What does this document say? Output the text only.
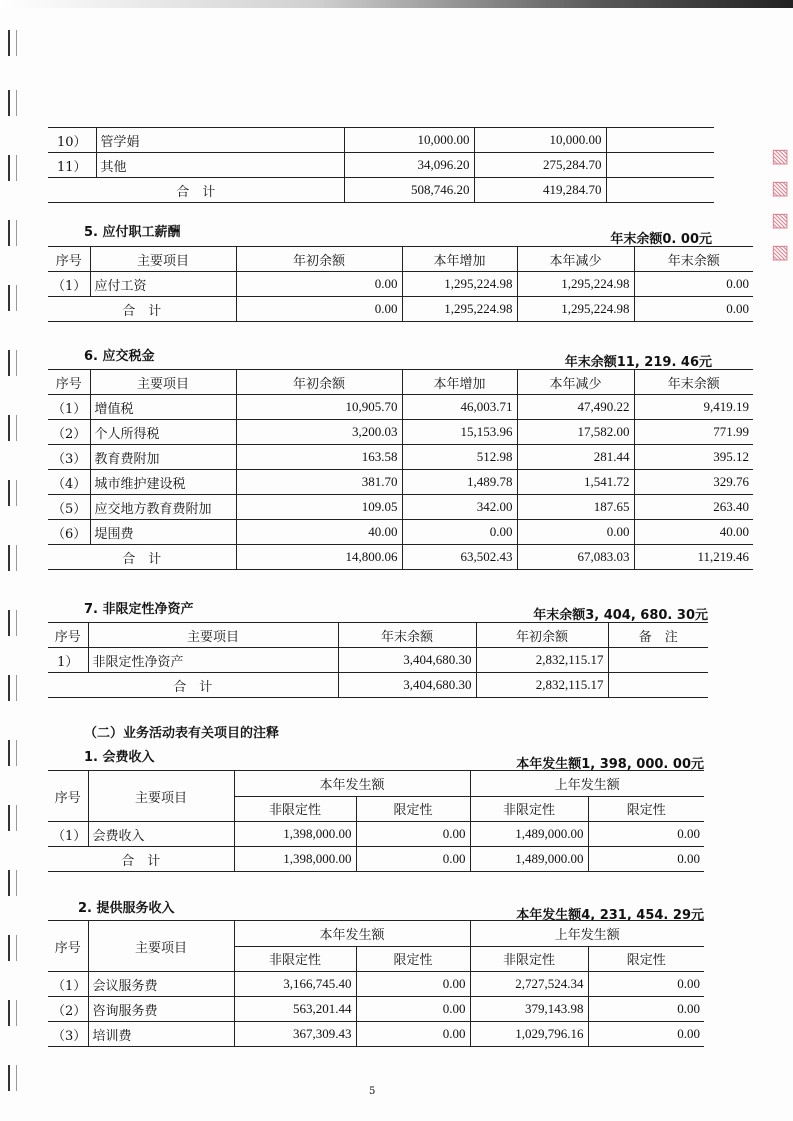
▧
▧
▧
▧
10）	管学娟	10,000.00	10,000.00	
11）	其他	34,096.20	275,284.70	
合　计		508,746.20	419,284.70	
5. 应付职工薪酬	年末余额0. 00元
序号	主要项目	年初余额	本年增加	本年减少	年末余额
（1）	应付工资	0.00	1,295,224.98	1,295,224.98	0.00
合　计		0.00	1,295,224.98	1,295,224.98	0.00
6. 应交税金	年末余额11, 219. 46元
序号	主要项目	年初余额	本年增加	本年减少	年末余额
（1）	增值税	10,905.70	46,003.71	47,490.22	9,419.19
（2）	个人所得税	3,200.03	15,153.96	17,582.00	771.99
（3）	教育费附加	163.58	512.98	281.44	395.12
（4）	城市维护建设税	381.70	1,489.78	1,541.72	329.76
（5）	应交地方教育费附加	109.05	342.00	187.65	263.40
（6）	堤围费	40.00	0.00	0.00	40.00
合　计		14,800.06	63,502.43	67,083.03	11,219.46
7. 非限定性净资产	年末余额3, 404, 680. 30元
序号	主要项目	年末余额	年初余额	备　注
1）	非限定性净资产	3,404,680.30	2,832,115.17	
合　计		3,404,680.30	2,832,115.17	
（二）业务活动表有关项目的注释
1. 会费收入	本年发生额1, 398, 000. 00元
序号	主要项目	本年发生额		上年发生额	
		非限定性	限定性	非限定性	限定性
（1）	会费收入	1,398,000.00	0.00	1,489,000.00	0.00
合　计		1,398,000.00	0.00	1,489,000.00	0.00
2. 提供服务收入	本年发生额4, 231, 454. 29元
序号	主要项目	本年发生额		上年发生额	
		非限定性	限定性	非限定性	限定性
（1）	会议服务费	3,166,745.40	0.00	2,727,524.34	0.00
（2）	咨询服务费	563,201.44	0.00	379,143.98	0.00
（3）	培训费	367,309.43	0.00	1,029,796.16	0.00
5
